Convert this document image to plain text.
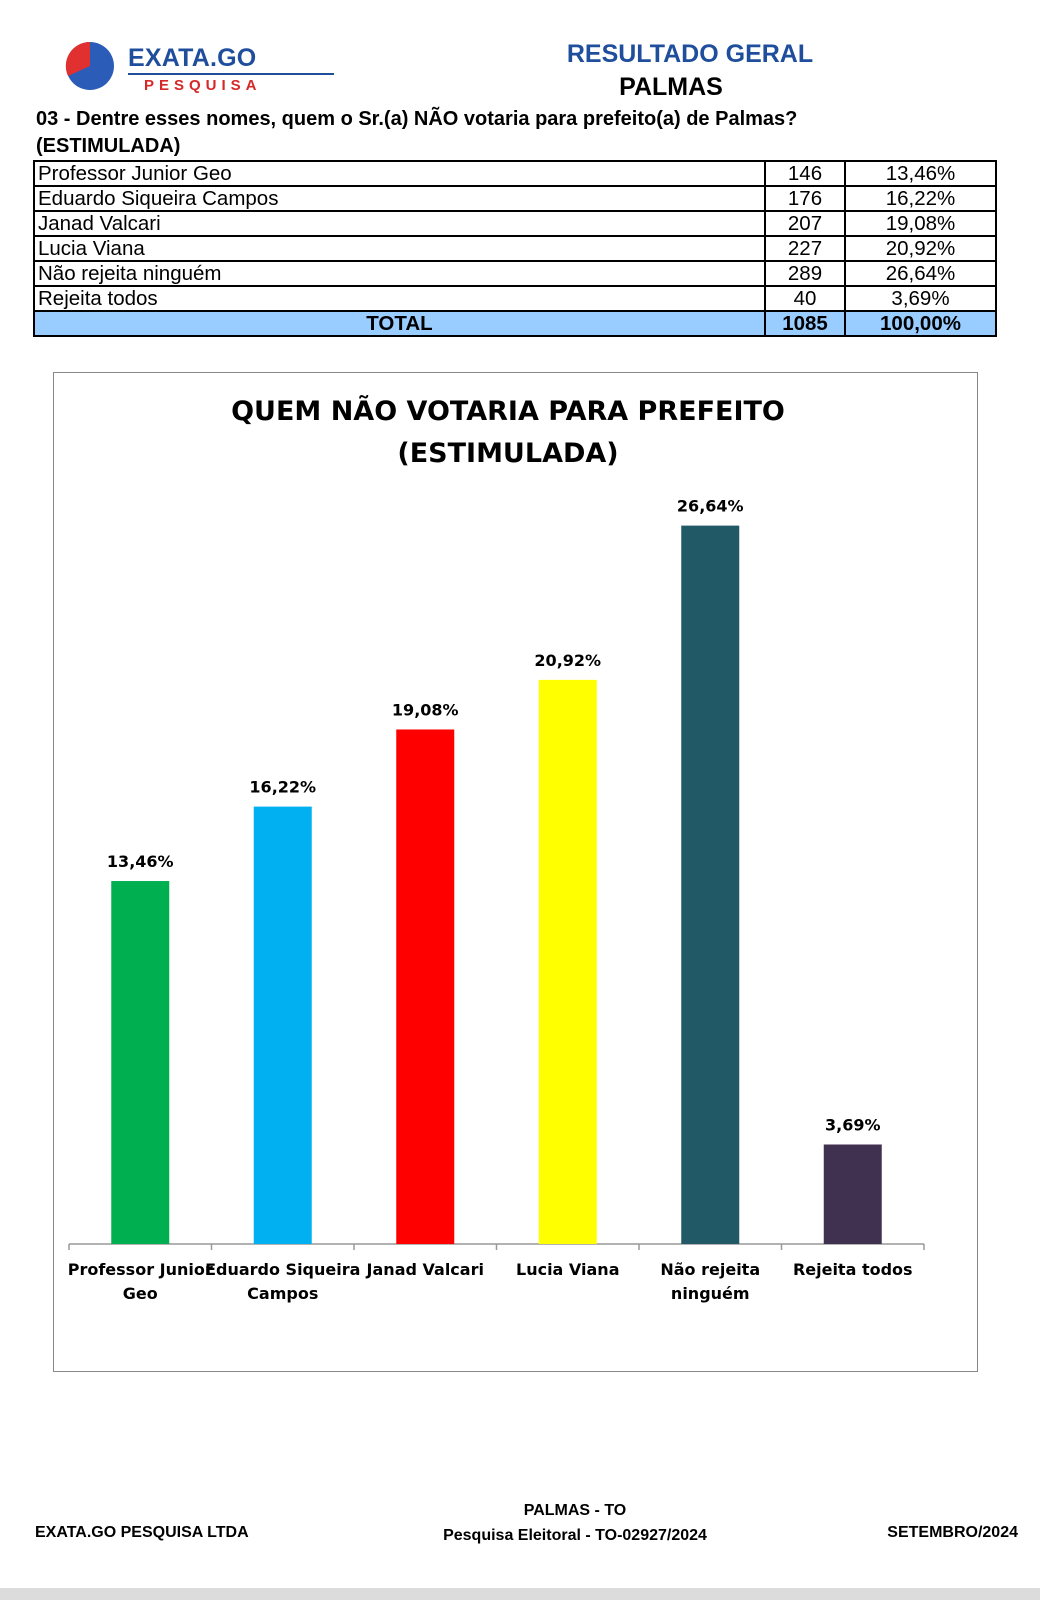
EXATA.GO
PESQUISA
RESULTADO GERAL
PALMAS
03 - Dentre esses nomes, quem o Sr.(a) NÃO votaria para prefeito(a) de Palmas?
(ESTIMULADA)
Professor Junior Geo	146	13,46%
Eduardo Siqueira Campos	176	16,22%
Janad Valcari	207	19,08%
Lucia Viana	227	20,92%
Não rejeita ninguém	289	26,64%
Rejeita todos	40	3,69%
TOTAL	1085	100,00%
QUEM NÃO VOTARIA PARA PREFEITO
(ESTIMULADA)
13,46%
Professor Junior
Geo
16,22%
Eduardo Siqueira
Campos
19,08%
Janad Valcari
20,92%
Lucia Viana
26,64%
Não rejeita
ninguém
3,69%
Rejeita todos
EXATA.GO PESQUISA LTDA
PALMAS - TO
Pesquisa Eleitoral - TO-02927/2024	SETEMBRO/2024
